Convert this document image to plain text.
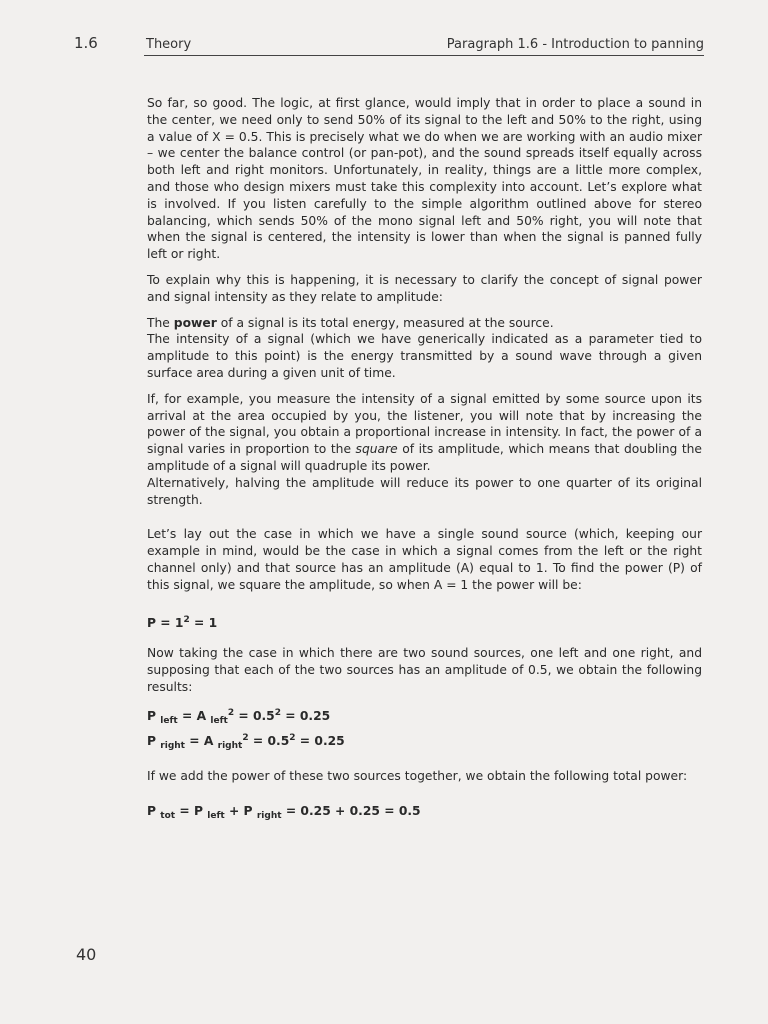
1.6	Theory	Paragraph 1.6 - Introduction to panning

So far, so good. The logic, at first glance, would imply that in order to place a sound in the center, we need only to send 50% of its signal to the left and 50% to the right, using a value of X = 0.5. This is precisely what we do when we are working with an audio mixer – we center the balance control (or pan-pot), and the sound spreads itself equally across both left and right monitors. Unfortunately, in reality, things are a little more complex, and those who design mixers must take this complexity into account. Let’s explore what is involved. If you listen carefully to the simple algorithm outlined above for stereo balancing, which sends 50% of the mono signal left and 50% right, you will note that when the signal is centered, the intensity is lower than when the signal is panned fully left or right.

To explain why this is happening, it is necessary to clarify the concept of signal power and signal intensity as they relate to amplitude:

The power of a signal is its total energy, measured at the source.

The intensity of a signal (which we have generically indicated as a parameter tied to amplitude to this point) is the energy transmitted by a sound wave through a given surface area during a given unit of time.

If, for example, you measure the intensity of a signal emitted by some source upon its arrival at the area occupied by you, the listener, you will note that by increasing the power of the signal, you obtain a proportional increase in intensity. In fact, the power of a signal varies in proportion to the square of its amplitude, which means that doubling the amplitude of a signal will quadruple its power.

Alternatively, halving the amplitude will reduce its power to one quarter of its original strength.

Let’s lay out the case in which we have a single sound source (which, keeping our example in mind, would be the case in which a signal comes from the left or the right channel only) and that source has an amplitude (A) equal to 1. To find the power (P) of this signal, we square the amplitude, so when A = 1 the power will be:

$P = 1^2 = 1$

Now taking the case in which there are two sound sources, one left and one right, and supposing that each of the two sources has an amplitude of 0.5, we obtain the following results:

P $_{left}$ = A $_{left}^2 = 0.5^2 = 0.25$
P $_{right}$ = A $_{right}^2 = 0.5^2 = 0.25$

If we add the power of these two sources together, we obtain the following total power:

P $_{tot}$ = P $_{left}$ + P $_{right}$ = 0.25 + 0.25 = 0.5
40
